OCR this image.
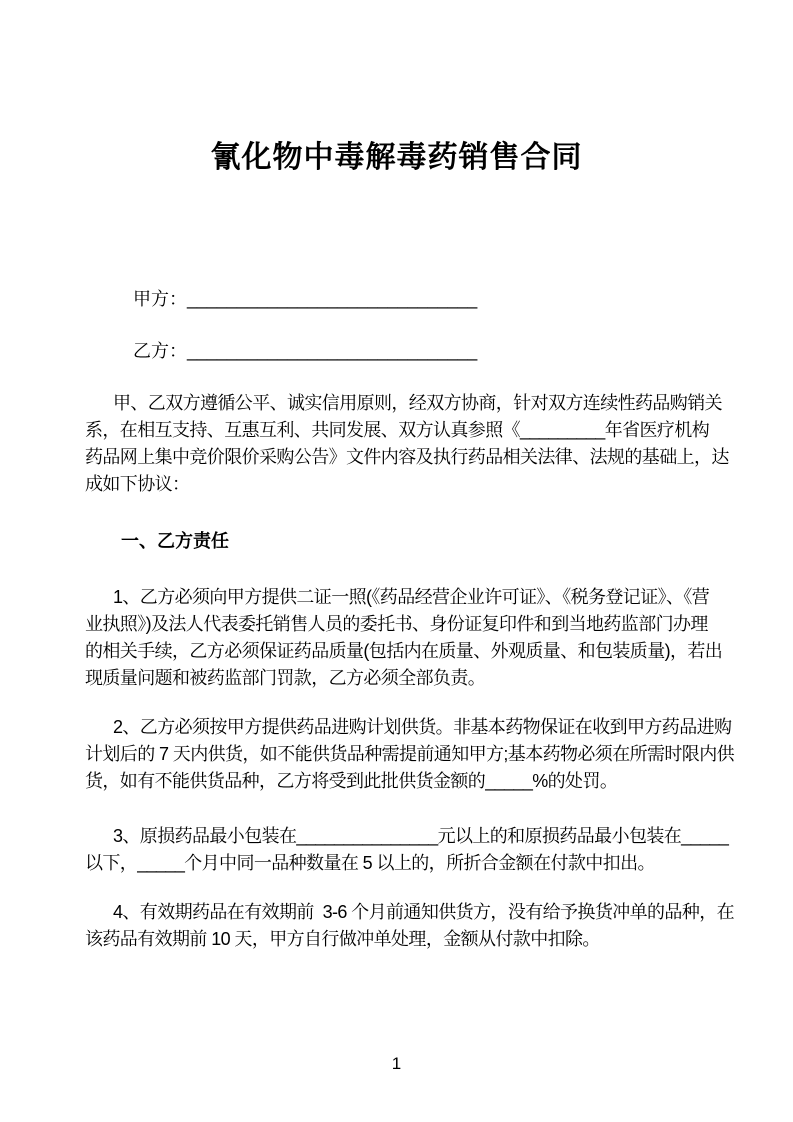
氰化物中毒解毒药销售合同
甲方：_____________________________
乙方：_____________________________
甲、乙双方遵循公平、诚实信用原则，经双方协商，针对双方连续性药品购销关
系，在相互支持、互惠互利、共同发展、双方认真参照《_________年省医疗机构
药品网上集中竞价限价采购公告》文件内容及执行药品相关法律、法规的基础上，达
成如下协议：
一、乙方责任
1、乙方必须向甲方提供二证一照(《药品经营企业许可证》、《税务登记证》、《营
业执照》)及法人代表委托销售人员的委托书、身份证复印件和到当地药监部门办理
的相关手续，乙方必须保证药品质量(包括内在质量、外观质量、和包装质量)，若出
现质量问题和被药监部门罚款，乙方必须全部负责。
2、乙方必须按甲方提供药品进购计划供货。非基本药物保证在收到甲方药品进购
计划后的 7 天内供货，如不能供货品种需提前通知甲方;基本药物必须在所需时限内供
货，如有不能供货品种，乙方将受到此批供货金额的_____%的处罚。
3、原损药品最小包装在_______________元以上的和原损药品最小包装在_____
以下，_____个月中同一品种数量在 5 以上的，所折合金额在付款中扣出。
4、有效期药品在有效期前  3-6 个月前通知供货方，没有给予换货冲单的品种，在
该药品有效期前 10 天，甲方自行做冲单处理，金额从付款中扣除。
1
